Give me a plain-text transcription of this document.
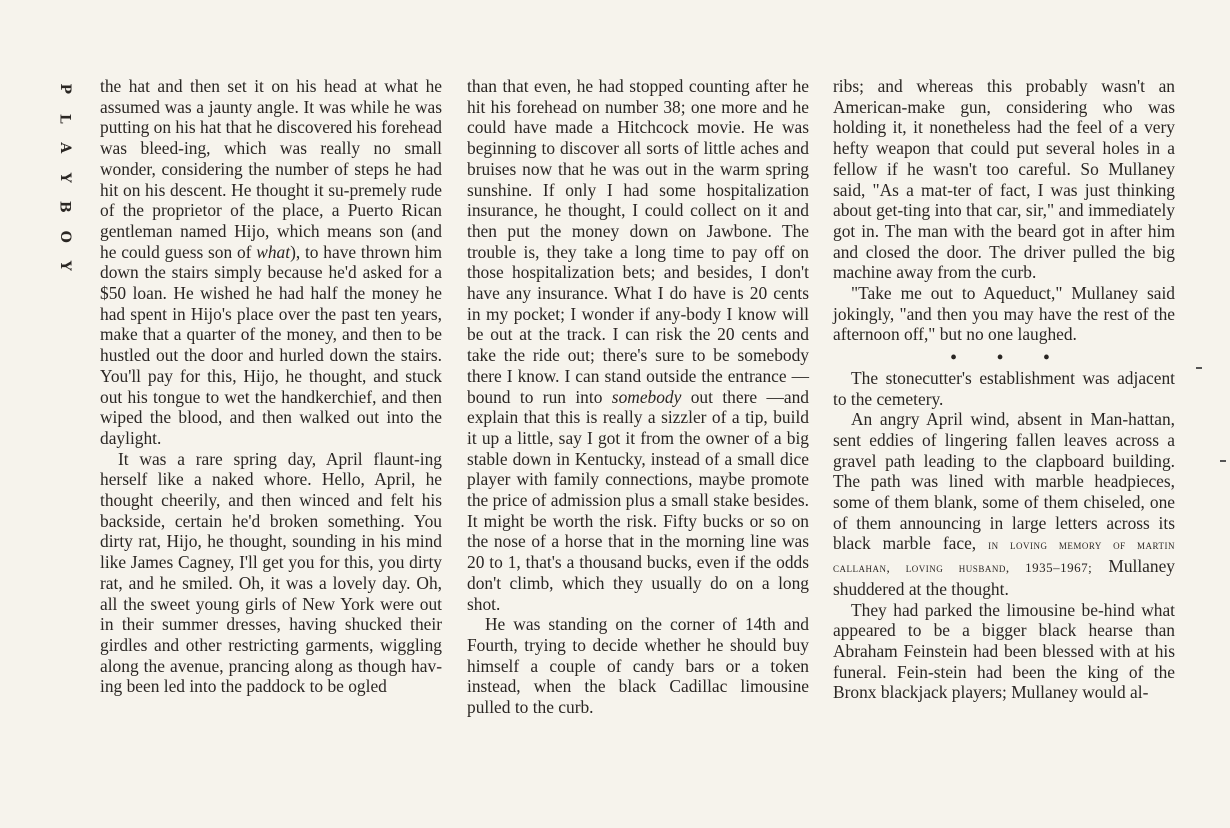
P
L
A
Y
B
O
Y

the hat and then set it on his head at what he assumed was a jaunty angle. It was while he was putting on his hat that he discovered his forehead was bleed-ing, which was really no small wonder, considering the number of steps he had hit on his descent. He thought it su-premely rude of the proprietor of the place, a Puerto Rican gentleman named Hijo, which means son (and he could guess son of what), to have thrown him down the stairs simply because he'd asked for a $50 loan. He wished he had half the money he had spent in Hijo's place over the past ten years, make that a quarter of the money, and then to be hustled out the door and hurled down the stairs. You'll pay for this, Hijo, he thought, and stuck out his tongue to wet the handkerchief, and then wiped the blood, and then walked out into the daylight.

It was a rare spring day, April flaunt-ing herself like a naked whore. Hello, April, he thought cheerily, and then winced and felt his backside, certain he'd broken something. You dirty rat, Hijo, he thought, sounding in his mind like James Cagney, I'll get you for this, you dirty rat, and he smiled. Oh, it was a lovely day. Oh, all the sweet young girls of New York were out in their summer dresses, having shucked their girdles and other restricting garments, wiggling along the avenue, prancing along as though hav-ing been led into the paddock to be ogled

than that even, he had stopped counting after he hit his forehead on number 38; one more and he could have made a Hitchcock movie. He was beginning to discover all sorts of little aches and bruises now that he was out in the warm spring sunshine. If only I had some hospitalization insurance, he thought, I could collect on it and then put the money down on Jawbone. The trouble is, they take a long time to pay off on those hospitalization bets; and besides, I don't have any insurance. What I do have is 20 cents in my pocket; I wonder if any-body I know will be out at the track. I can risk the 20 cents and take the ride out; there's sure to be somebody there I know. I can stand outside the entrance —bound to run into somebody out there —and explain that this is really a sizzler of a tip, build it up a little, say I got it from the owner of a big stable down in Kentucky, instead of a small dice player with family connections, maybe promote the price of admission plus a small stake besides. It might be worth the risk. Fifty bucks or so on the nose of a horse that in the morning line was 20 to 1, that's a thousand bucks, even if the odds don't climb, which they usually do on a long shot.

He was standing on the corner of 14th and Fourth, trying to decide whether he should buy himself a couple of candy bars or a token instead, when the black Cadillac limousine pulled to the curb.

ribs; and whereas this probably wasn't an American-make gun, considering who was holding it, it nonetheless had the feel of a very hefty weapon that could put several holes in a fellow if he wasn't too careful. So Mullaney said, "As a mat-ter of fact, I was just thinking about get-ting into that car, sir," and immediately got in. The man with the beard got in after him and closed the door. The driver pulled the big machine away from the curb.

"Take me out to Aqueduct," Mullaney said jokingly, "and then you may have the rest of the afternoon off," but no one laughed.

• • •

The stonecutter's establishment was adjacent to the cemetery.

An angry April wind, absent in Man-hattan, sent eddies of lingering fallen leaves across a gravel path leading to the clapboard building. The path was lined with marble headpieces, some of them blank, some of them chiseled, one of them announcing in large letters across its black marble face, in loving memory of martin callahan, loving husband, 1935–1967; Mullaney shuddered at the thought.

They had parked the limousine be-hind what appeared to be a bigger black hearse than Abraham Feinstein had been blessed with at his funeral. Fein-stein had been the king of the Bronx blackjack players; Mullaney would al-
